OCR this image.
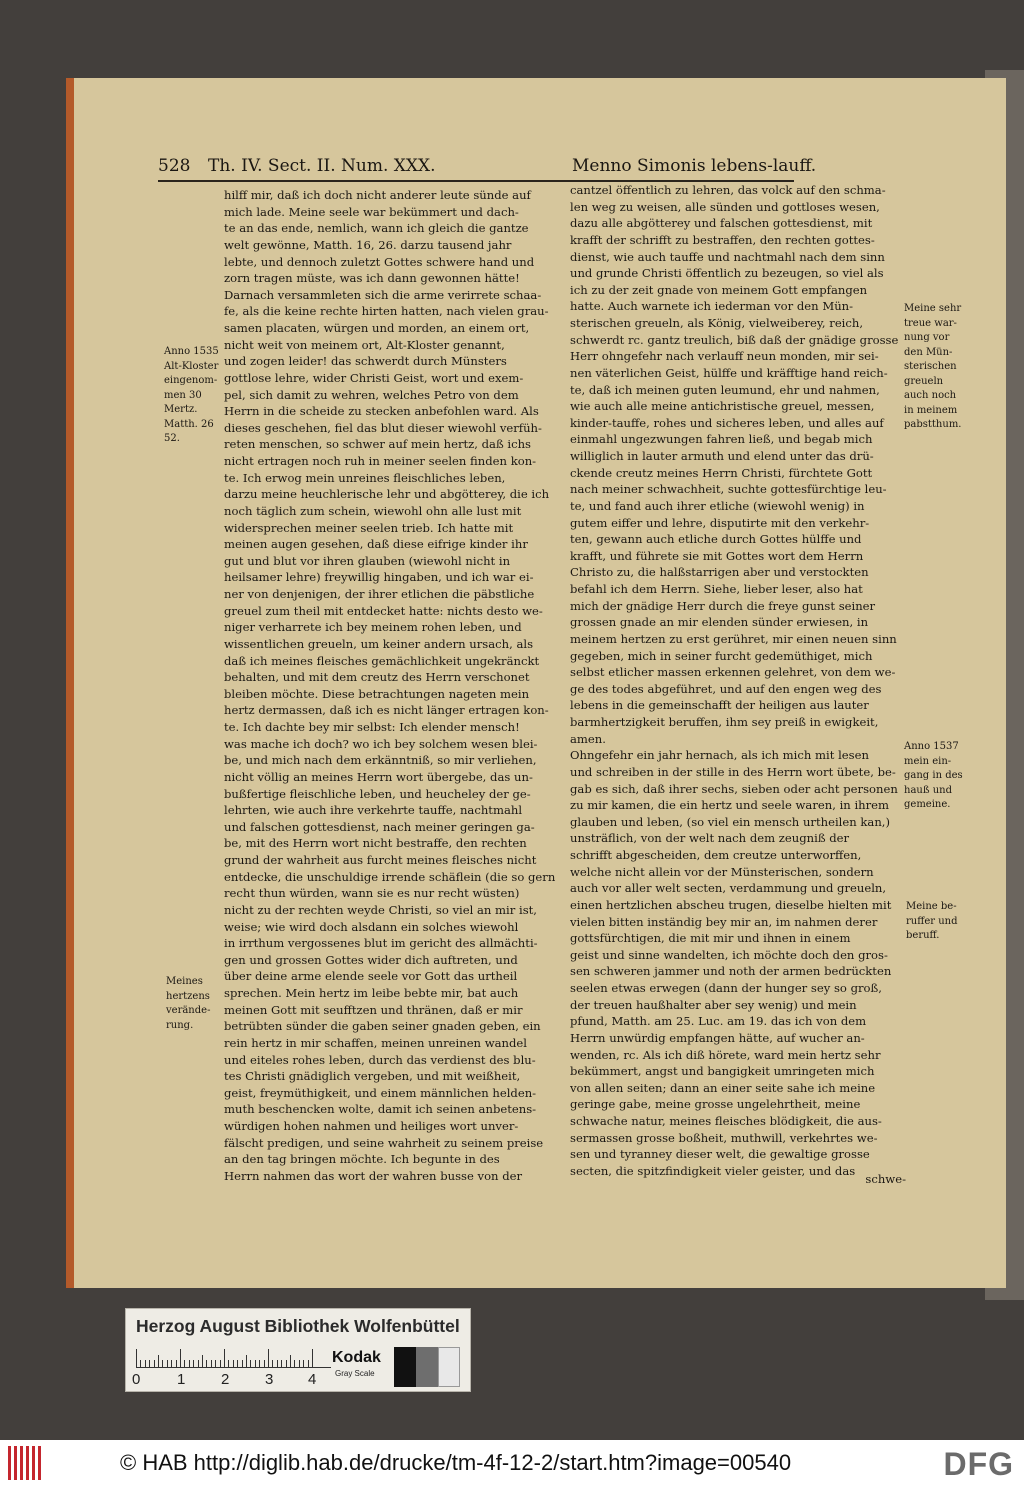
528 Th. IV. Sect. II. Num. XXX.	Menno Simonis lebens-lauff.
hilff mir, daß ich doch nicht anderer leute sünde auf
mich lade. Meine seele war bekümmert und dach-
te an das ende, nemlich, wann ich gleich die gantze
welt gewönne, Matth. 16, 26. darzu tausend jahr
lebte, und dennoch zuletzt Gottes schwere hand und
zorn tragen müste, was ich dann gewonnen hätte!
Darnach versammleten sich die arme verirrete schaa-
fe, als die keine rechte hirten hatten, nach vielen grau-
samen placaten, würgen und morden, an einem ort,
nicht weit von meinem ort, Alt-Kloster genannt,
und zogen leider! das schwerdt durch Münsters
gottlose lehre, wider Christi Geist, wort und exem-
pel, sich damit zu wehren, welches Petro von dem
Herrn in die scheide zu stecken anbefohlen ward. Als
dieses geschehen, fiel das blut dieser wiewohl verfüh-
reten menschen, so schwer auf mein hertz, daß ichs
nicht ertragen noch ruh in meiner seelen finden kon-
te. Ich erwog mein unreines fleischliches leben,
darzu meine heuchlerische lehr und abgötterey, die ich
noch täglich zum schein, wiewohl ohn alle lust mit
widersprechen meiner seelen trieb. Ich hatte mit
meinen augen gesehen, daß diese eifrige kinder ihr
gut und blut vor ihren glauben (wiewohl nicht in
heilsamer lehre) freywillig hingaben, und ich war ei-
ner von denjenigen, der ihrer etlichen die päbstliche
greuel zum theil mit entdecket hatte: nichts desto we-
niger verharrete ich bey meinem rohen leben, und
wissentlichen greueln, um keiner andern ursach, als
daß ich meines fleisches gemächlichkeit ungekränckt
behalten, und mit dem creutz des Herrn verschonet
bleiben möchte. Diese betrachtungen nageten mein
hertz dermassen, daß ich es nicht länger ertragen kon-
te. Ich dachte bey mir selbst: Ich elender mensch!
was mache ich doch? wo ich bey solchem wesen blei-
be, und mich nach dem erkänntniß, so mir verliehen,
nicht völlig an meines Herrn wort übergebe, das un-
bußfertige fleischliche leben, und heucheley der ge-
lehrten, wie auch ihre verkehrte tauffe, nachtmahl
und falschen gottesdienst, nach meiner geringen ga-
be, mit des Herrn wort nicht bestraffe, den rechten
grund der wahrheit aus furcht meines fleisches nicht
entdecke, die unschuldige irrende schäflein (die so gern
recht thun würden, wann sie es nur recht wüsten)
nicht zu der rechten weyde Christi, so viel an mir ist,
weise; wie wird doch alsdann ein solches wiewohl
in irrthum vergossenes blut im gericht des allmächti-
gen und grossen Gottes wider dich auftreten, und
über deine arme elende seele vor Gott das urtheil
sprechen. Mein hertz im leibe bebte mir, bat auch
meinen Gott mit seufftzen und thränen, daß er mir
betrübten sünder die gaben seiner gnaden geben, ein
rein hertz in mir schaffen, meinen unreinen wandel
und eiteles rohes leben, durch das verdienst des blu-
tes Christi gnädiglich vergeben, und mit weißheit,
geist, freymüthigkeit, und einem männlichen helden-
muth beschencken wolte, damit ich seinen anbetens-
würdigen hohen nahmen und heiliges wort unver-
fälscht predigen, und seine wahrheit zu seinem preise
an den tag bringen möchte. Ich begunte in des
Herrn nahmen das wort der wahren busse von der
cantzel öffentlich zu lehren, das volck auf den schma-
len weg zu weisen, alle sünden und gottloses wesen,
dazu alle abgötterey und falschen gottesdienst, mit
krafft der schrifft zu bestraffen, den rechten gottes-
dienst, wie auch tauffe und nachtmahl nach dem sinn
und grunde Christi öffentlich zu bezeugen, so viel als
ich zu der zeit gnade von meinem Gott empfangen
hatte. Auch warnete ich iederman vor den Mün-
sterischen greueln, als König, vielweiberey, reich,
schwerdt rc. gantz treulich, biß daß der gnädige grosse
Herr ohngefehr nach verlauff neun monden, mir sei-
nen väterlichen Geist, hülffe und kräfftige hand reich-
te, daß ich meinen guten leumund, ehr und nahmen,
wie auch alle meine antichristische greuel, messen,
kinder-tauffe, rohes und sicheres leben, und alles auf
einmahl ungezwungen fahren ließ, und begab mich
williglich in lauter armuth und elend unter das drü-
ckende creutz meines Herrn Christi, fürchtete Gott
nach meiner schwachheit, suchte gottesfürchtige leu-
te, und fand auch ihrer etliche (wiewohl wenig) in
gutem eiffer und lehre, disputirte mit den verkehr-
ten, gewann auch etliche durch Gottes hülffe und
krafft, und führete sie mit Gottes wort dem Herrn
Christo zu, die halßstarrigen aber und verstockten
befahl ich dem Herrn. Siehe, lieber leser, also hat
mich der gnädige Herr durch die freye gunst seiner
grossen gnade an mir elenden sünder erwiesen, in
meinem hertzen zu erst gerühret, mir einen neuen sinn
gegeben, mich in seiner furcht gedemüthiget, mich
selbst etlicher massen erkennen gelehret, von dem we-
ge des todes abgeführet, und auf den engen weg des
lebens in die gemeinschafft der heiligen aus lauter
barmhertzigkeit beruffen, ihm sey preiß in ewigkeit,
amen.
Ohngefehr ein jahr hernach, als ich mich mit lesen
und schreiben in der stille in des Herrn wort übete, be-
gab es sich, daß ihrer sechs, sieben oder acht personen
zu mir kamen, die ein hertz und seele waren, in ihrem
glauben und leben, (so viel ein mensch urtheilen kan,)
unsträflich, von der welt nach dem zeugniß der
schrifft abgescheiden, dem creutze unterworffen,
welche nicht allein vor der Münsterischen, sondern
auch vor aller welt secten, verdammung und greueln,
einen hertzlichen abscheu trugen, dieselbe hielten mit
vielen bitten inständig bey mir an, im nahmen derer
gottsfürchtigen, die mit mir und ihnen in einem
geist und sinne wandelten, ich möchte doch den gros-
sen schweren jammer und noth der armen bedrückten
seelen etwas erwegen (dann der hunger sey so groß,
der treuen haußhalter aber sey wenig) und mein
pfund, Matth. am 25. Luc. am 19. das ich von dem
Herrn unwürdig empfangen hätte, auf wucher an-
wenden, rc. Als ich diß hörete, ward mein hertz sehr
bekümmert, angst und bangigkeit umringeten mich
von allen seiten; dann an einer seite sahe ich meine
geringe gabe, meine grosse ungelehrtheit, meine
schwache natur, meines fleisches blödigkeit, die aus-
sermassen grosse boßheit, muthwill, verkehrtes we-
sen und tyranney dieser welt, die gewaltige grosse
secten, die spitzfindigkeit vieler geister, und das
schwe-
Anno 1535
Alt-Kloster
eingenom-
men 30
Mertz.
Matth. 26
52.
Meines
hertzens
verände-
rung.
Meine sehr
treue war-
nung vor
den Mün-
sterischen
greueln
auch noch
in meinem
pabstthum.
Anno 1537
mein ein-
gang in des
hauß und
gemeine.
Meine be-
ruffer und
beruff.
Herzog August Bibliothek Wolfenbüttel
0 1 2 3 4
Kodak
Gray Scale
© HAB http://diglib.hab.de/drucke/tm-4f-12-2/start.htm?image=00540	DFG
